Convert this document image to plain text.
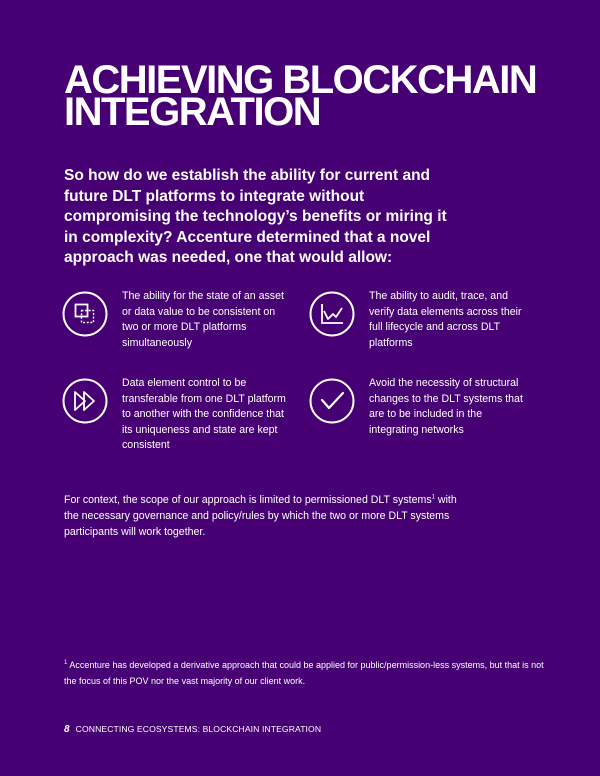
ACHIEVING BLOCKCHAIN
INTEGRATION

So how do we establish the ability for current and future DLT platforms to integrate without compromising the technology’s benefits or miring it in complexity? Accenture determined that a novel approach was needed, one that would allow:

The ability for the state of an asset or data value to be consistent on two or more DLT platforms simultaneously
The ability to audit, trace, and verify data elements across their full lifecycle and across DLT platforms
Data element control to be transferable from one DLT platform to another with the confidence that its uniqueness and state are kept consistent
Avoid the necessity of structural changes to the DLT systems that are to be included in the integrating networks

For context, the scope of our approach is limited to permissioned DLT systems$^1$ with the necessary governance and policy/rules by which the two or more DLT systems participants will work together.

$^1$ Accenture has developed a derivative approach that could be applied for public/permission-less systems, but that is not the focus of this POV nor the vast majority of our client work.

8 CONNECTING ECOSYSTEMS: BLOCKCHAIN INTEGRATION
